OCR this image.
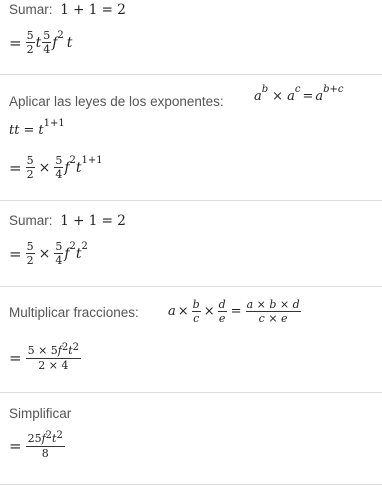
Sumar: 1 + 1 = 2
= $\frac{5}{2}$ t $\frac{5}{4}$ f 2 t
Aplicar las leyes de los exponentes: a b × a c = a b+c
tt = t 1+1
= $\frac{5}{2} \times \frac{5}{4}$ f 2 t 1+1
Sumar: 1 + 1 = 2
= $\frac{5}{2} \times \frac{5}{4}$ f 2 t 2
Multiplicar fracciones: $a \times \frac{b}{c} \times \frac{d}{e} = \frac{a \times b \times d}{c \times e}$
= $\frac{5 \times 5f2t2}{2 \times 4}$
Simplificar
= $\frac{25f2t2}{8}$
